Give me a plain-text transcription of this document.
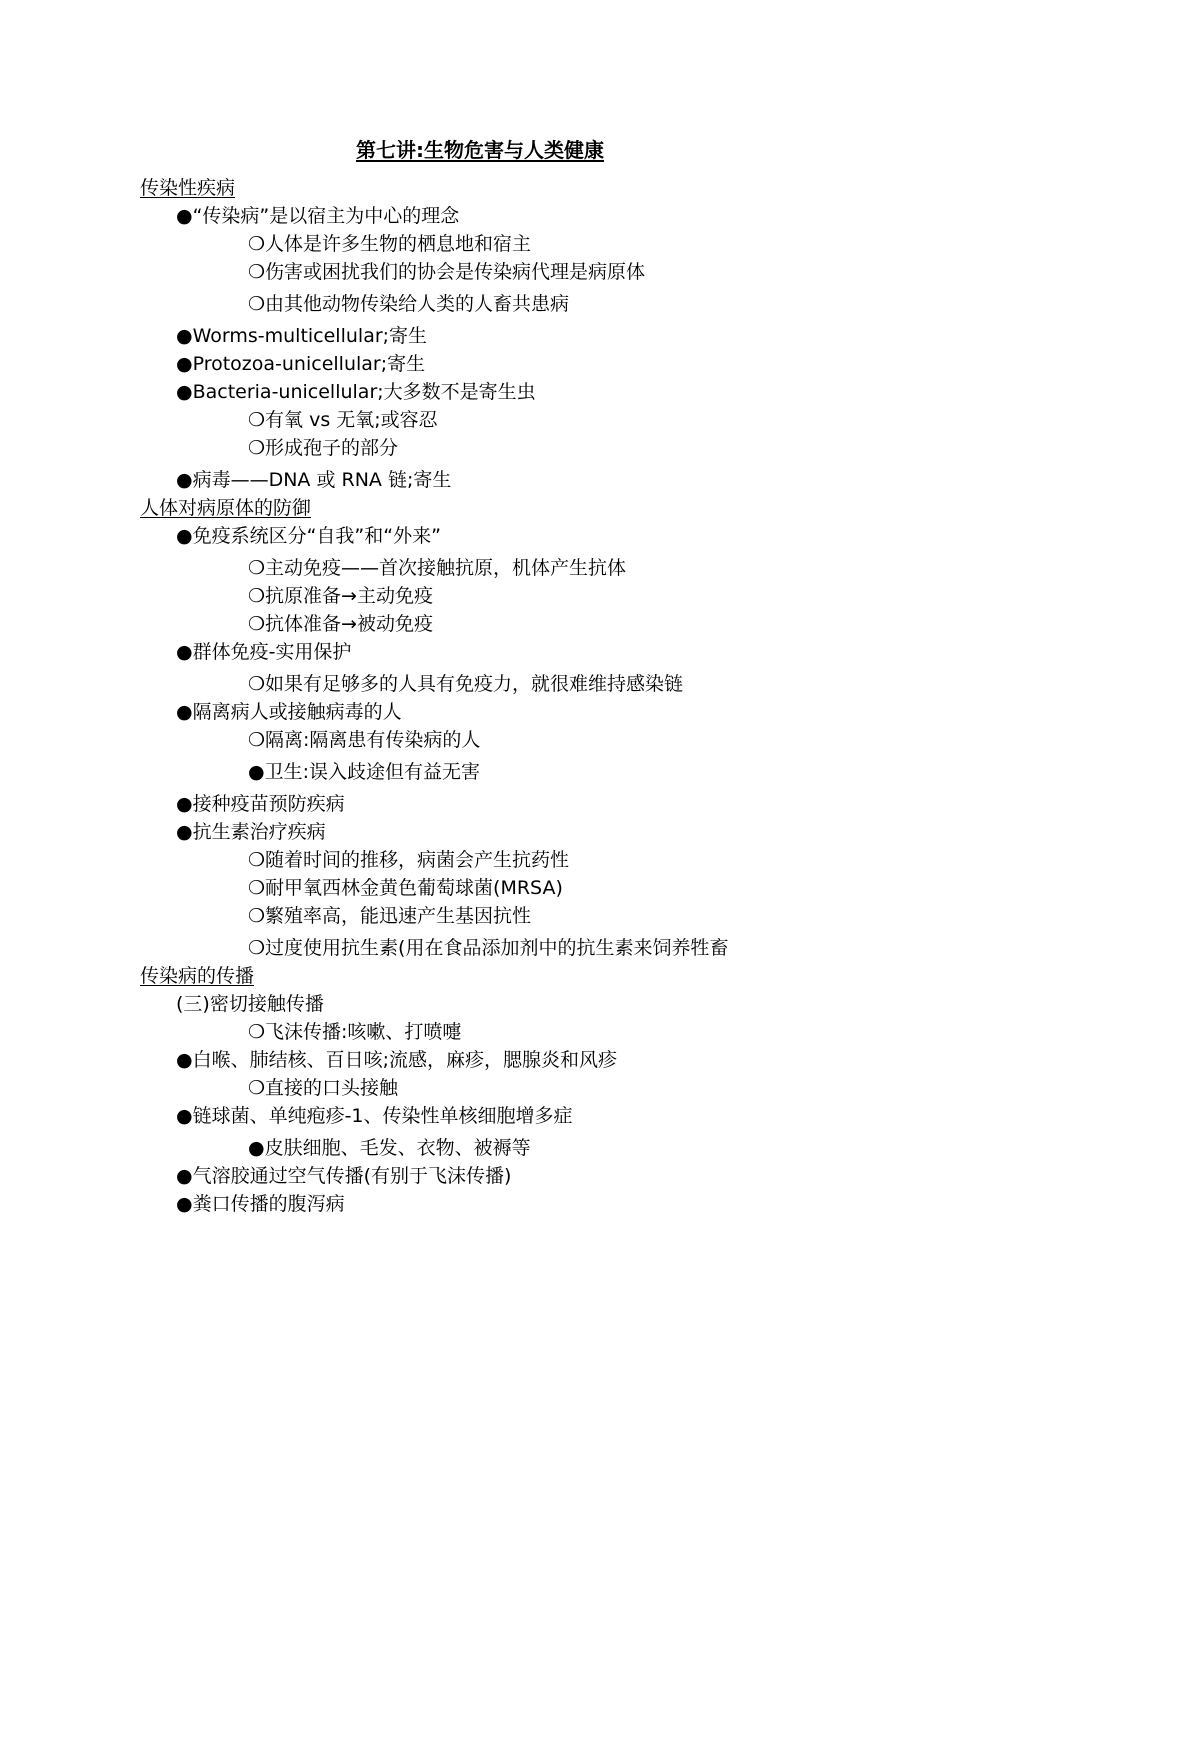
第七讲:生物危害与人类健康
传染性疾病
●“传染病”是以宿主为中心的理念
❍人体是许多生物的栖息地和宿主
❍伤害或困扰我们的协会是传染病代理是病原体
❍由其他动物传染给人类的人畜共患病
●Worms-multicellular;寄生
●Protozoa-unicellular;寄生
●Bacteria-unicellular;大多数不是寄生虫
❍有氧 vs 无氧;或容忍
❍形成孢子的部分
●病毒——DNA 或 RNA 链;寄生
人体对病原体的防御
●免疫系统区分“自我”和“外来”
❍主动免疫——首次接触抗原，机体产生抗体
❍抗原准备→主动免疫
❍抗体准备→被动免疫
●群体免疫-实用保护
❍如果有足够多的人具有免疫力，就很难维持感染链
●隔离病人或接触病毒的人
❍隔离:隔离患有传染病的人
●卫生:误入歧途但有益无害
●接种疫苗预防疾病
●抗生素治疗疾病
❍随着时间的推移，病菌会产生抗药性
❍耐甲氧西林金黄色葡萄球菌(MRSA)
❍繁殖率高，能迅速产生基因抗性
❍过度使用抗生素(用在食品添加剂中的抗生素来饲养牲畜
传染病的传播
(三)密切接触传播
❍飞沫传播:咳嗽、打喷嚏
●白喉、肺结核、百日咳;流感，麻疹，腮腺炎和风疹
❍直接的口头接触
●链球菌、单纯疱疹-1、传染性单核细胞增多症
●皮肤细胞、毛发、衣物、被褥等
●气溶胶通过空气传播(有别于飞沫传播)
●粪口传播的腹泻病
